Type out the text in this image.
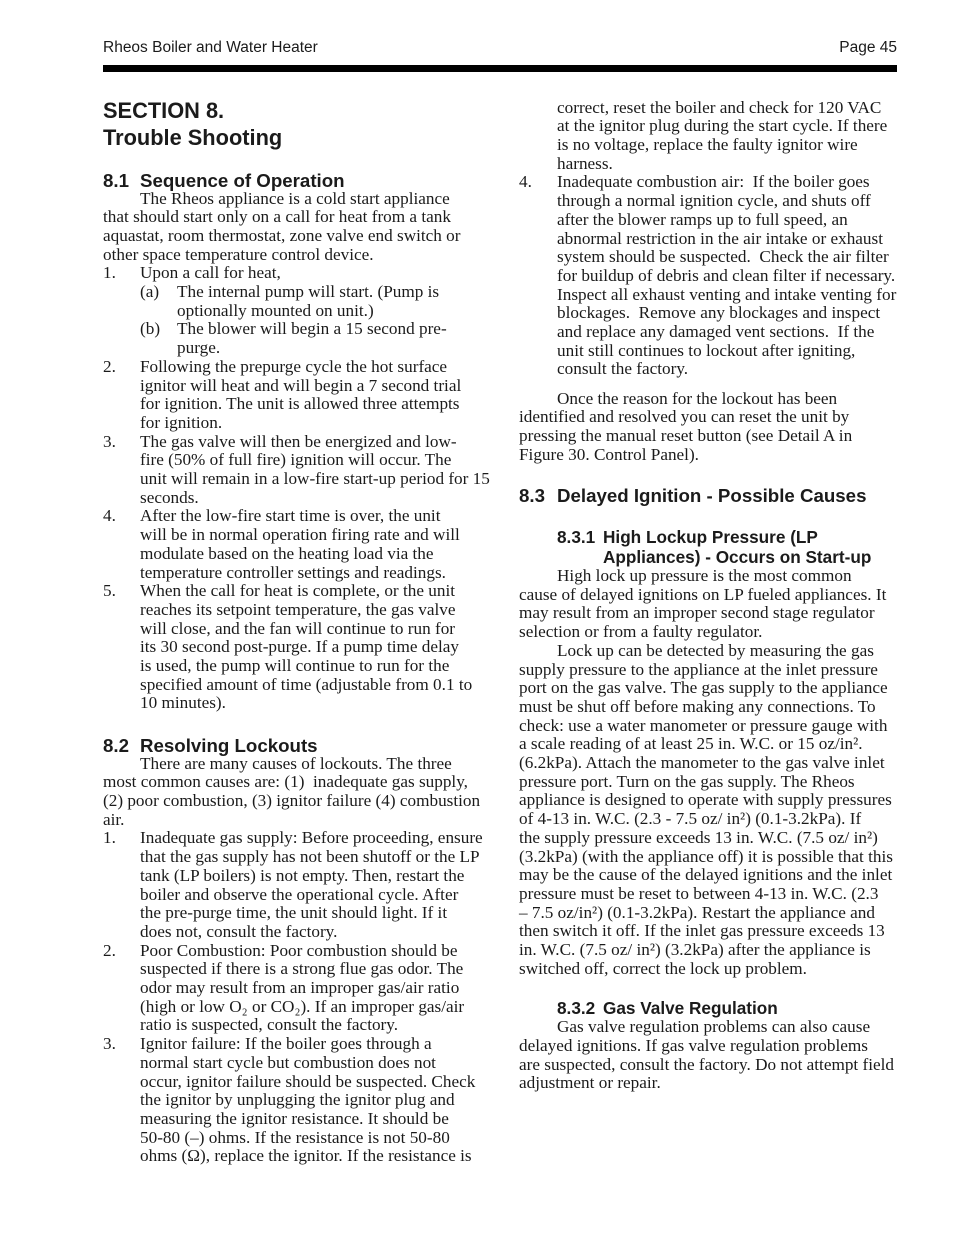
Rheos Boiler and Water Heater	Page 45
SECTION 8.
Trouble Shooting
8.1 Sequence of Operation
The Rheos appliance is a cold start appliance
that should start only on a call for heat from a tank
aquastat, room thermostat, zone valve end switch or
other space temperature control device.
1.	Upon a call for heat,
(a)	The internal pump will start. (Pump is
optionally mounted on unit.)
(b) The blower will begin a 15 second pre-
purge.
2.	Following the prepurge cycle the hot surface
ignitor will heat and will begin a 7 second trial
for ignition. The unit is allowed three attempts
for ignition.
3.	The gas valve will then be energized and low-
fire (50% of full fire) ignition will occur. The
unit will remain in a low-fire start-up period for 15
seconds.
4.	After the low-fire start time is over, the unit
will be in normal operation firing rate and will
modulate based on the heating load via the
temperature controller settings and readings.
5.	When the call for heat is complete, or the unit
reaches its setpoint temperature, the gas valve
will close, and the fan will continue to run for
its 30 second post-purge. If a pump time delay
is used, the pump will continue to run for the
specified amount of time (adjustable from 0.1 to
10 minutes).
8.2 Resolving Lockouts
There are many causes of lockouts. The three
most common causes are: (1)  inadequate gas supply,
(2) poor combustion, (3) ignitor failure (4) combustion
air.
1.	Inadequate gas supply: Before proceeding, ensure
that the gas supply has not been shutoff or the LP
tank (LP boilers) is not empty. Then, restart the
boiler and observe the operational cycle. After
the pre-purge time, the unit should light. If it
does not, consult the factory.
2.	Poor Combustion: Poor combustion should be
suspected if there is a strong flue gas odor. The
odor may result from an improper gas/air ratio
(high or low O₂ or CO₂). If an improper gas/air
ratio is suspected, consult the factory.
3.	Ignitor failure: If the boiler goes through a
normal start cycle but combustion does not
occur, ignitor failure should be suspected. Check
the ignitor by unplugging the ignitor plug and
measuring the ignitor resistance. It should be
50-80 (–) ohms. If the resistance is not 50-80
ohms (Ω), replace the ignitor. If the resistance is
correct, reset the boiler and check for 120 VAC
at the ignitor plug during the start cycle. If there
is no voltage, replace the faulty ignitor wire
harness.
4.	Inadequate combustion air:  If the boiler goes
through a normal ignition cycle, and shuts off
after the blower ramps up to full speed, an
abnormal restriction in the air intake or exhaust
system should be suspected.  Check the air filter
for buildup of debris and clean filter if necessary.
Inspect all exhaust venting and intake venting for
blockages.  Remove any blockages and inspect
and replace any damaged vent sections.  If the
unit still continues to lockout after igniting,
consult the factory.
Once the reason for the lockout has been
identified and resolved you can reset the unit by
pressing the manual reset button (see Detail A in
Figure 30. Control Panel).
8.3 Delayed Ignition - Possible Causes
8.3.1 High Lockup Pressure (LP
Appliances) - Occurs on Start-up
High lock up pressure is the most common
cause of delayed ignitions on LP fueled appliances. It
may result from an improper second stage regulator
selection or from a faulty regulator.
Lock up can be detected by measuring the gas
supply pressure to the appliance at the inlet pressure
port on the gas valve. The gas supply to the appliance
must be shut off before making any connections. To
check: use a water manometer or pressure gauge with
a scale reading of at least 25 in. W.C. or 15 oz/in².
(6.2kPa). Attach the manometer to the gas valve inlet
pressure port. Turn on the gas supply. The Rheos
appliance is designed to operate with supply pressures
of 4-13 in. W.C. (2.3 - 7.5 oz/ in²) (0.1-3.2kPa). If
the supply pressure exceeds 13 in. W.C. (7.5 oz/ in²)
(3.2kPa) (with the appliance off) it is possible that this
may be the cause of the delayed ignitions and the inlet
pressure must be reset to between 4-13 in. W.C. (2.3
– 7.5 oz/in²) (0.1-3.2kPa). Restart the appliance and
then switch it off. If the inlet gas pressure exceeds 13
in. W.C. (7.5 oz/ in²) (3.2kPa) after the appliance is
switched off, correct the lock up problem.
8.3.2 Gas Valve Regulation
Gas valve regulation problems can also cause
delayed ignitions. If gas valve regulation problems
are suspected, consult the factory. Do not attempt field
adjustment or repair.
